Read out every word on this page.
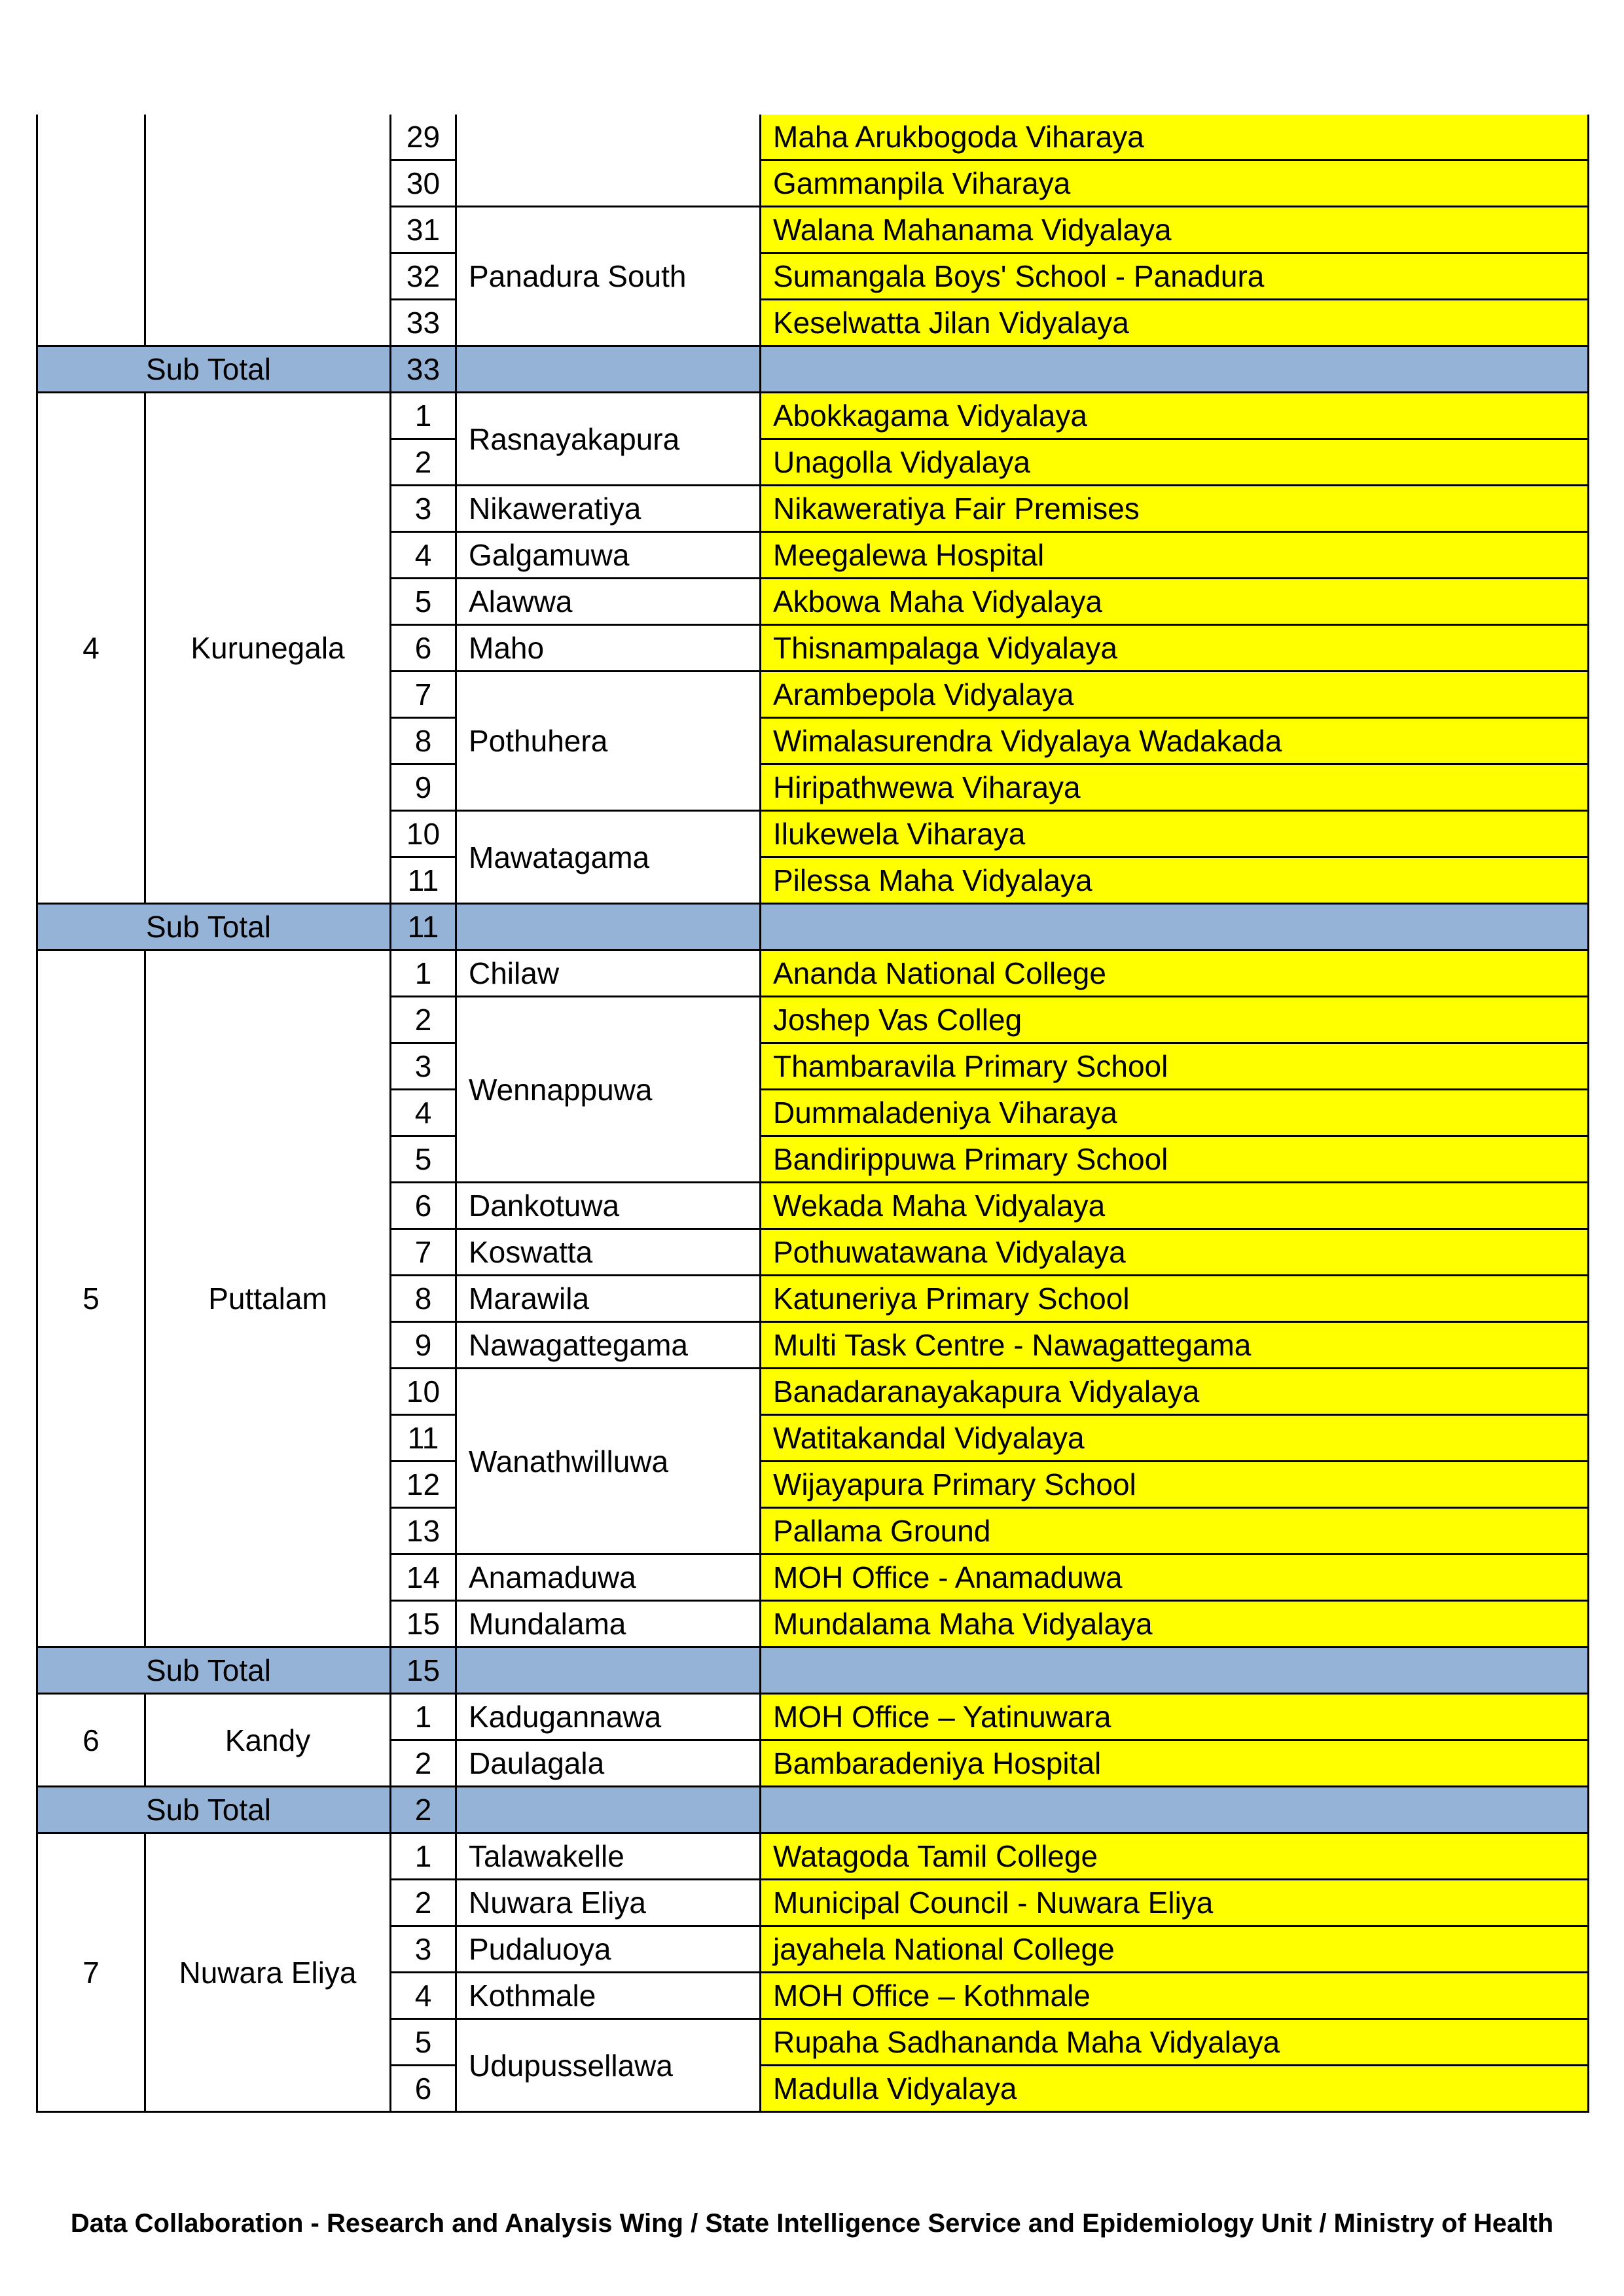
		29		Maha Arukbogoda Viharaya
		30		Gammanpila Viharaya
		31	Panadura South	Walana Mahanama Vidyalaya
		32		Sumangala Boys' School - Panadura
		33		Keselwatta Jilan Vidyalaya
Sub Total		33		
4	Kurunegala	1	Rasnayakapura	Abokkagama Vidyalaya
		2		Unagolla Vidyalaya
		3	Nikaweratiya	Nikaweratiya Fair Premises
		4	Galgamuwa	Meegalewa Hospital
		5	Alawwa	Akbowa Maha Vidyalaya
		6	Maho	Thisnampalaga Vidyalaya
		7	Pothuhera	Arambepola Vidyalaya
		8		Wimalasurendra Vidyalaya Wadakada
		9		Hiripathwewa Viharaya
		10	Mawatagama	Ilukewela Viharaya
		11		Pilessa Maha Vidyalaya
Sub Total		11		
5	Puttalam	1	Chilaw	Ananda National College
		2	Wennappuwa	Joshep Vas Colleg
		3		Thambaravila Primary School
		4		Dummaladeniya Viharaya
		5		Bandirippuwa Primary School
		6	Dankotuwa	Wekada Maha Vidyalaya
		7	Koswatta	Pothuwatawana Vidyalaya
		8	Marawila	Katuneriya Primary School
		9	Nawagattegama	Multi Task Centre - Nawagattegama
		10	Wanathwilluwa	Banadaranayakapura Vidyalaya
		11		Watitakandal Vidyalaya
		12		Wijayapura Primary School
		13		Pallama Ground
		14	Anamaduwa	MOH Office - Anamaduwa
		15	Mundalama	Mundalama Maha Vidyalaya
Sub Total		15		
6	Kandy	1	Kadugannawa	MOH Office – Yatinuwara
		2	Daulagala	Bambaradeniya Hospital
Sub Total		2		
7	Nuwara Eliya	1	Talawakelle	Watagoda Tamil College
		2	Nuwara Eliya	Municipal Council - Nuwara Eliya
		3	Pudaluoya	jayahela National College
		4	Kothmale	MOH Office – Kothmale
		5	Udupussellawa	Rupaha Sadhananda Maha Vidyalaya
		6		Madulla Vidyalaya
Data Collaboration - Research and Analysis Wing / State Intelligence Service and Epidemiology Unit / Ministry of Health
